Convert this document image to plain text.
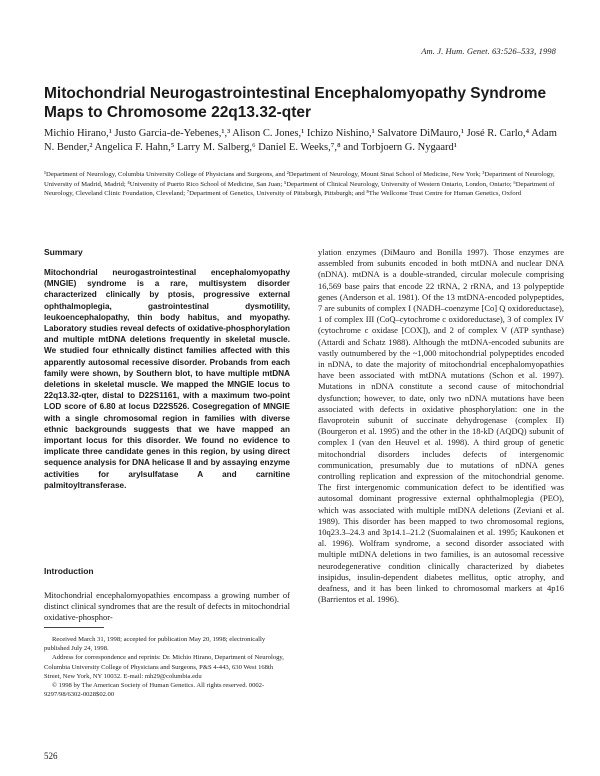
Am. J. Hum. Genet. 63:526–533, 1998
Mitochondrial Neurogastrointestinal Encephalomyopathy Syndrome Maps to Chromosome 22q13.32-qter
Michio Hirano,¹ Justo Garcia-de-Yebenes,¹,³ Alison C. Jones,¹ Ichizo Nishino,¹ Salvatore DiMauro,¹ José R. Carlo,⁴ Adam N. Bender,² Angelica F. Hahn,⁵ Larry M. Salberg,⁶ Daniel E. Weeks,⁷,⁸ and Torbjoern G. Nygaard¹
¹Department of Neurology, Columbia University College of Physicians and Surgeons, and ²Department of Neurology, Mount Sinai School of Medicine, New York; ³Department of Neurology, University of Madrid, Madrid; ⁴University of Puerto Rico School of Medicine, San Juan; ⁵Department of Clinical Neurology, University of Western Ontario, London, Ontario; ⁶Department of Neurology, Cleveland Clinic Foundation, Cleveland; ⁷Department of Genetics, University of Pittsburgh, Pittsburgh; and ⁸The Wellcome Trust Centre for Human Genetics, Oxford
Summary

Mitochondrial neurogastrointestinal encephalomyopathy (MNGIE) syndrome is a rare, multisystem disorder characterized clinically by ptosis, progressive external ophthalmoplegia, gastrointestinal dysmotility, leukoencephalopathy, thin body habitus, and myopathy. Laboratory studies reveal defects of oxidative-phosphorylation and multiple mtDNA deletions frequently in skeletal muscle. We studied four ethnically distinct families affected with this apparently autosomal recessive disorder. Probands from each family were shown, by Southern blot, to have multiple mtDNA deletions in skeletal muscle. We mapped the MNGIE locus to 22q13.32-qter, distal to D22S1161, with a maximum two-point LOD score of 6.80 at locus D22S526. Cosegregation of MNGIE with a single chromosomal region in families with diverse ethnic backgrounds suggests that we have mapped an important locus for this disorder. We found no evidence to implicate three candidate genes in this region, by using direct sequence analysis for DNA helicase II and by assaying enzyme activities for arylsulfatase A and carnitine palmitoyltransferase.

Introduction

Mitochondrial encephalomyopathies encompass a growing number of distinct clinical syndromes that are the result of defects in mitochondrial oxidative-phosphor-

Received March 31, 1998; accepted for publication May 20, 1998; electronically published July 24, 1998.

Address for correspondence and reprints: Dr. Michio Hirano, Department of Neurology, Columbia University College of Physicians and Surgeons, P&S 4-443, 630 West 168th Street, New York, NY 10032. E-mail: mh29@columbia.edu

© 1998 by The American Society of Human Genetics. All rights reserved. 0002-9297/98/6302-0028$02.00

ylation enzymes (DiMauro and Bonilla 1997). Those enzymes are assembled from subunits encoded in both mtDNA and nuclear DNA (nDNA). mtDNA is a double-stranded, circular molecule comprising 16,569 base pairs that encode 22 tRNA, 2 rRNA, and 13 polypeptide genes (Anderson et al. 1981). Of the 13 mtDNA-encoded polypeptides, 7 are subunits of complex I (NADH–coenzyme [Co] Q oxidoreductase), 1 of complex III (CoQ–cytochrome c oxidoreductase), 3 of complex IV (cytochrome c oxidase [COX]), and 2 of complex V (ATP synthase) (Attardi and Schatz 1988). Although the mtDNA-encoded subunits are vastly outnumbered by the ~1,000 mitochondrial polypeptides encoded in nDNA, to date the majority of mitochondrial encephalomyopathies have been associated with mtDNA mutations (Schon et al. 1997). Mutations in nDNA constitute a second cause of mitochondrial dysfunction; however, to date, only two nDNA mutations have been associated with defects in oxidative phosphorylation: one in the flavoprotein subunit of succinate dehydrogenase (complex II) (Bourgeron et al. 1995) and the other in the 18-kD (AQDQ) subunit of complex I (van den Heuvel et al. 1998). A third group of genetic mitochondrial disorders includes defects of intergenomic communication, presumably due to mutations of nDNA genes controlling replication and expression of the mitochondrial genome. The first intergenomic communication defect to be identified was autosomal dominant progressive external ophthalmoplegia (PEO), which was associated with multiple mtDNA deletions (Zeviani et al. 1989). This disorder has been mapped to two chromosomal regions, 10q23.3–24.3 and 3p14.1–21.2 (Suomalainen et al. 1995; Kaukonen et al. 1996). Wolfram syndrome, a second disorder associated with multiple mtDNA deletions in two families, is an autosomal recessive neurodegenerative condition clinically characterized by diabetes insipidus, insulin-dependent diabetes mellitus, optic atrophy, and deafness, and it has been linked to chromosomal markers at 4p16 (Barrientos et al. 1996).

526
